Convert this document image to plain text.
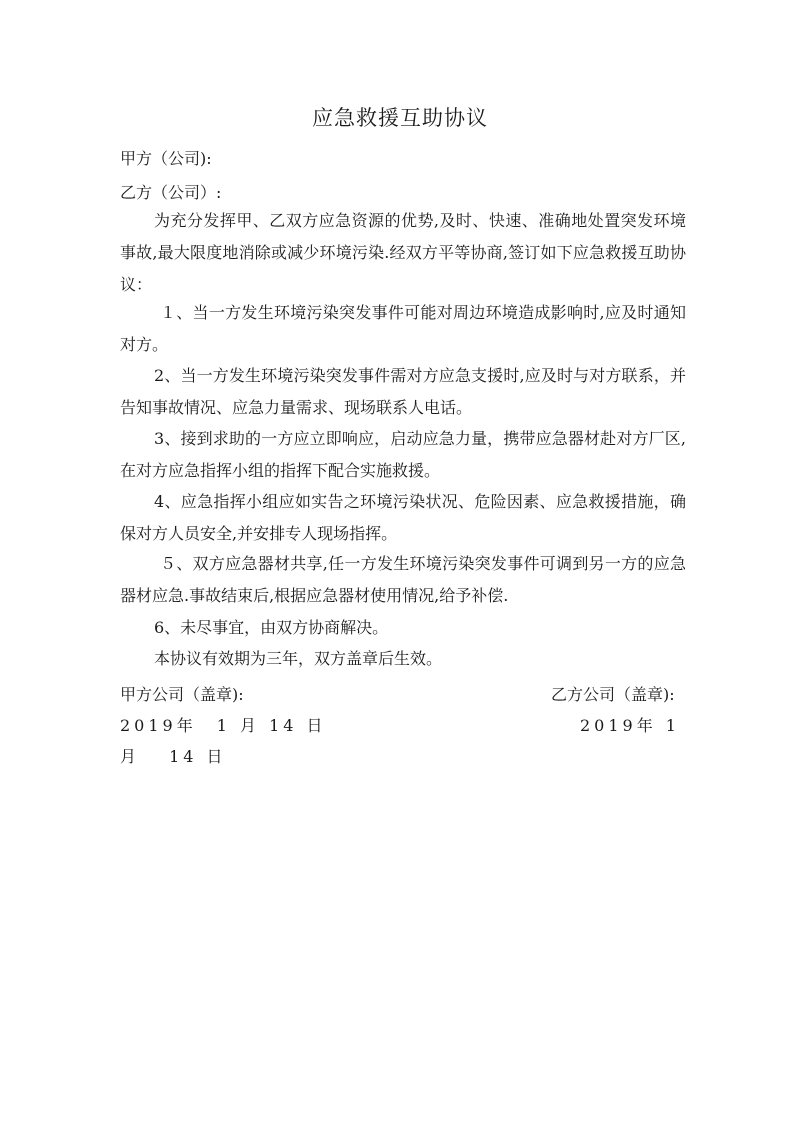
应急救援互助协议
甲方（公司):
乙方（公司）:
为充分发挥甲、乙双方应急资源的优势,及时、快速、准确地处置突发环境事故,最大限度地消除或减少环境污染.经双方平等协商,签订如下应急救援互助协议：
１、当一方发生环境污染突发事件可能对周边环境造成影响时,应及时通知对方。
2、当一方发生环境污染突发事件需对方应急支援时,应及时与对方联系，并告知事故情况、应急力量需求、现场联系人电话。
3、接到求助的一方应立即响应，启动应急力量，携带应急器材赴对方厂区,在对方应急指挥小组的指挥下配合实施救援。
4、应急指挥小组应如实告之环境污染状况、危险因素、应急救援措施，确保对方人员安全,并安排专人现场指挥。
５、双方应急器材共享,任一方发生环境污染突发事件可调到另一方的应急器材应急.事故结束后,根据应急器材使用情况,给予补偿.
6、未尽事宜，由双方协商解决。
本协议有效期为三年，双方盖章后生效。
甲方公司（盖章):	乙方公司（盖章):
2019年　1 月 14 日	2019年 1
月　 14 日
